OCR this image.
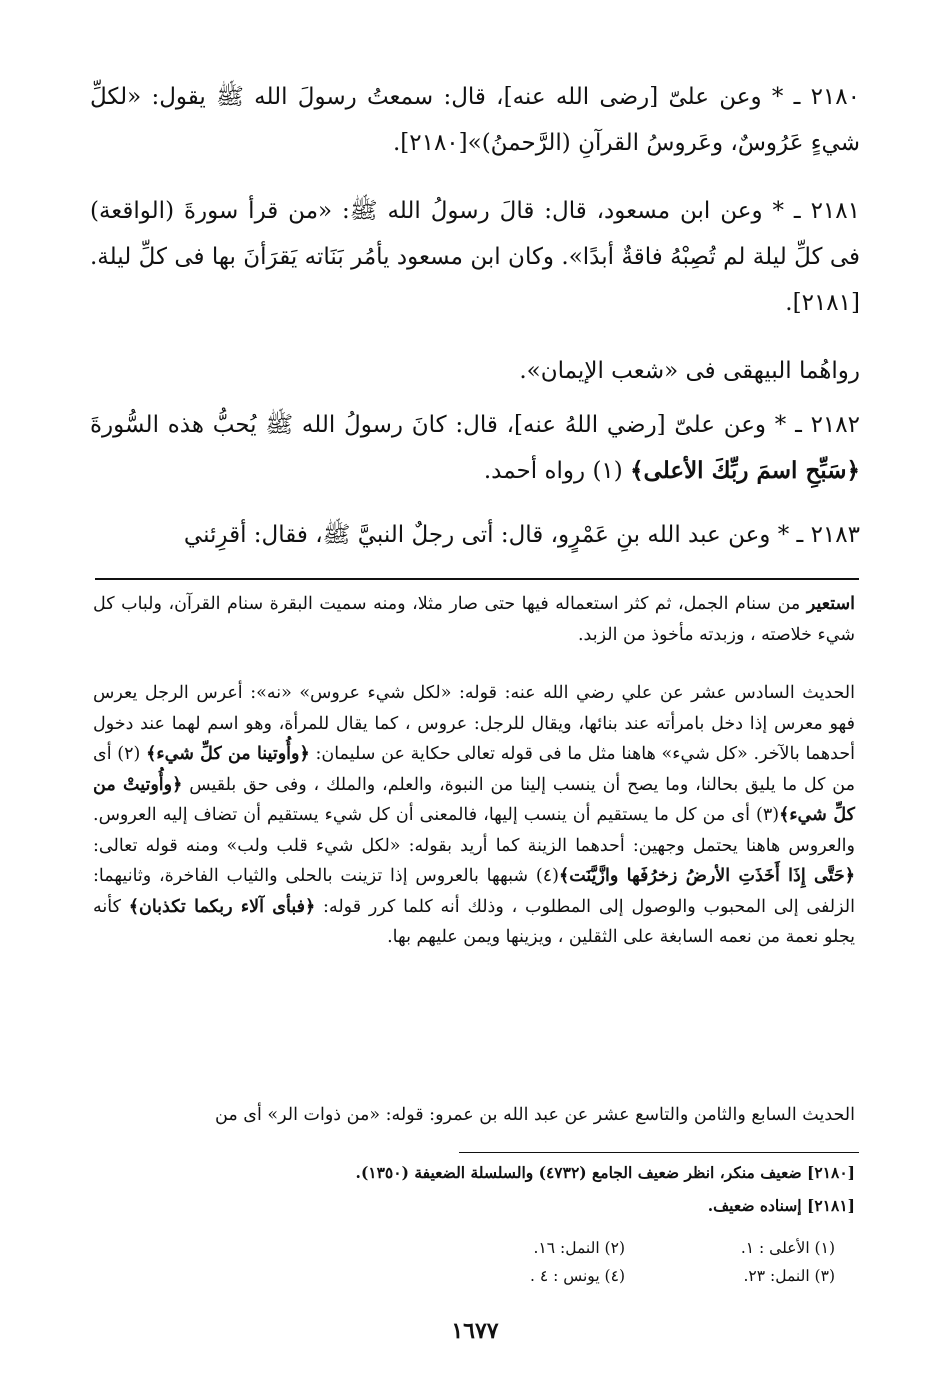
٢١٨٠ ـ * وعن علىّ [رضى الله عنه]، قال: سمعتُ رسولَ الله ﷺ يقول: «لكلِّ شيءٍ عَرُوسٌ، وعَروسُ القرآنِ (الرَّحمنُ)»[٢١٨٠].

٢١٨١ ـ * وعن ابن مسعود، قال: قالَ رسولُ الله ﷺ: «من قرأ سورةَ (الواقعة) فى كلِّ ليلة لم تُصِبْهُ فاقةٌ أبدًا». وكان ابن مسعود يأمُر بَنَاته يَقرَأنَ بها فى كلِّ ليلة.[٢١٨١].

رواهُما البيهقى فى «شعب الإيمان».

٢١٨٢ ـ * وعن علىّ [رضي اللهُ عنه]، قال: كانَ رسولُ الله ﷺ يُحبُّ هذه السُّورةَ ﴿سَبِّحِ اسمَ ربِّكَ الأعلى﴾ (١) رواه أحمد.

٢١٨٣ ـ * وعن عبد الله بنِ عَمْرٍو، قال: أتى رجلٌ النبيَّ ﷺ، فقال: أقرِئني

استعير من سنام الجمل، ثم كثر استعماله فيها حتى صار مثلا، ومنه سميت البقرة سنام القرآن، ولباب كل شيء خلاصته ، وزبدته مأخوذ من الزبد.

الحديث السادس عشر عن علي رضي الله عنه: قوله: «لكل شيء عروس» «نه»: أعرس الرجل يعرس فهو معرس إذا دخل بامرأته عند بنائها، ويقال للرجل: عروس ، كما يقال للمرأة، وهو اسم لهما عند دخول أحدهما بالآخر. «كل شيء» هاهنا مثل ما فى قوله تعالى حكاية عن سليمان: ﴿وأُوتينا من كلِّ شيء﴾ (٢) أى من كل ما يليق بحالنا، وما يصح أن ينسب إلينا من النبوة، والعلم، والملك ، وفى حق بلقيس ﴿وأُوتيتْ من كلِّ شيء﴾(٣) أى من كل ما يستقيم أن ينسب إليها، فالمعنى أن كل شيء يستقيم أن تضاف إليه العروس. والعروس هاهنا يحتمل وجهين: أحدهما الزينة كما أريد بقوله: «لكل شيء قلب ولب» ومنه قوله تعالى: ﴿حَتَّى إِذَا أَخَذَتِ الأرضُ زخرُفَها وازَّيَّنَت﴾(٤) شبهها بالعروس إذا تزينت بالحلى والثياب الفاخرة، وثانيهما: الزلفى إلى المحبوب والوصول إلى المطلوب ، وذلك أنه كلما كرر قوله: ﴿فبأى آلاء ربكما تكذبان﴾ كأنه يجلو نعمة من نعمه السابغة على الثقلين ، ويزينها ويمن عليهم بها.

الحديث السابع والثامن والتاسع عشر عن عبد الله بن عمرو: قوله: «من ذوات الر» أى من

[٢١٨٠] ضعيف منكر، انظر ضعيف الجامع (٤٧٣٢) والسلسلة الضعيفة (١٣٥٠).

[٢١٨١] إسناده ضعيف.

(١) الأعلى : ١.
(٢) النمل: ١٦.
(٣) النمل: ٢٣.
(٤) يونس : ٤ .
١٦٧٧
